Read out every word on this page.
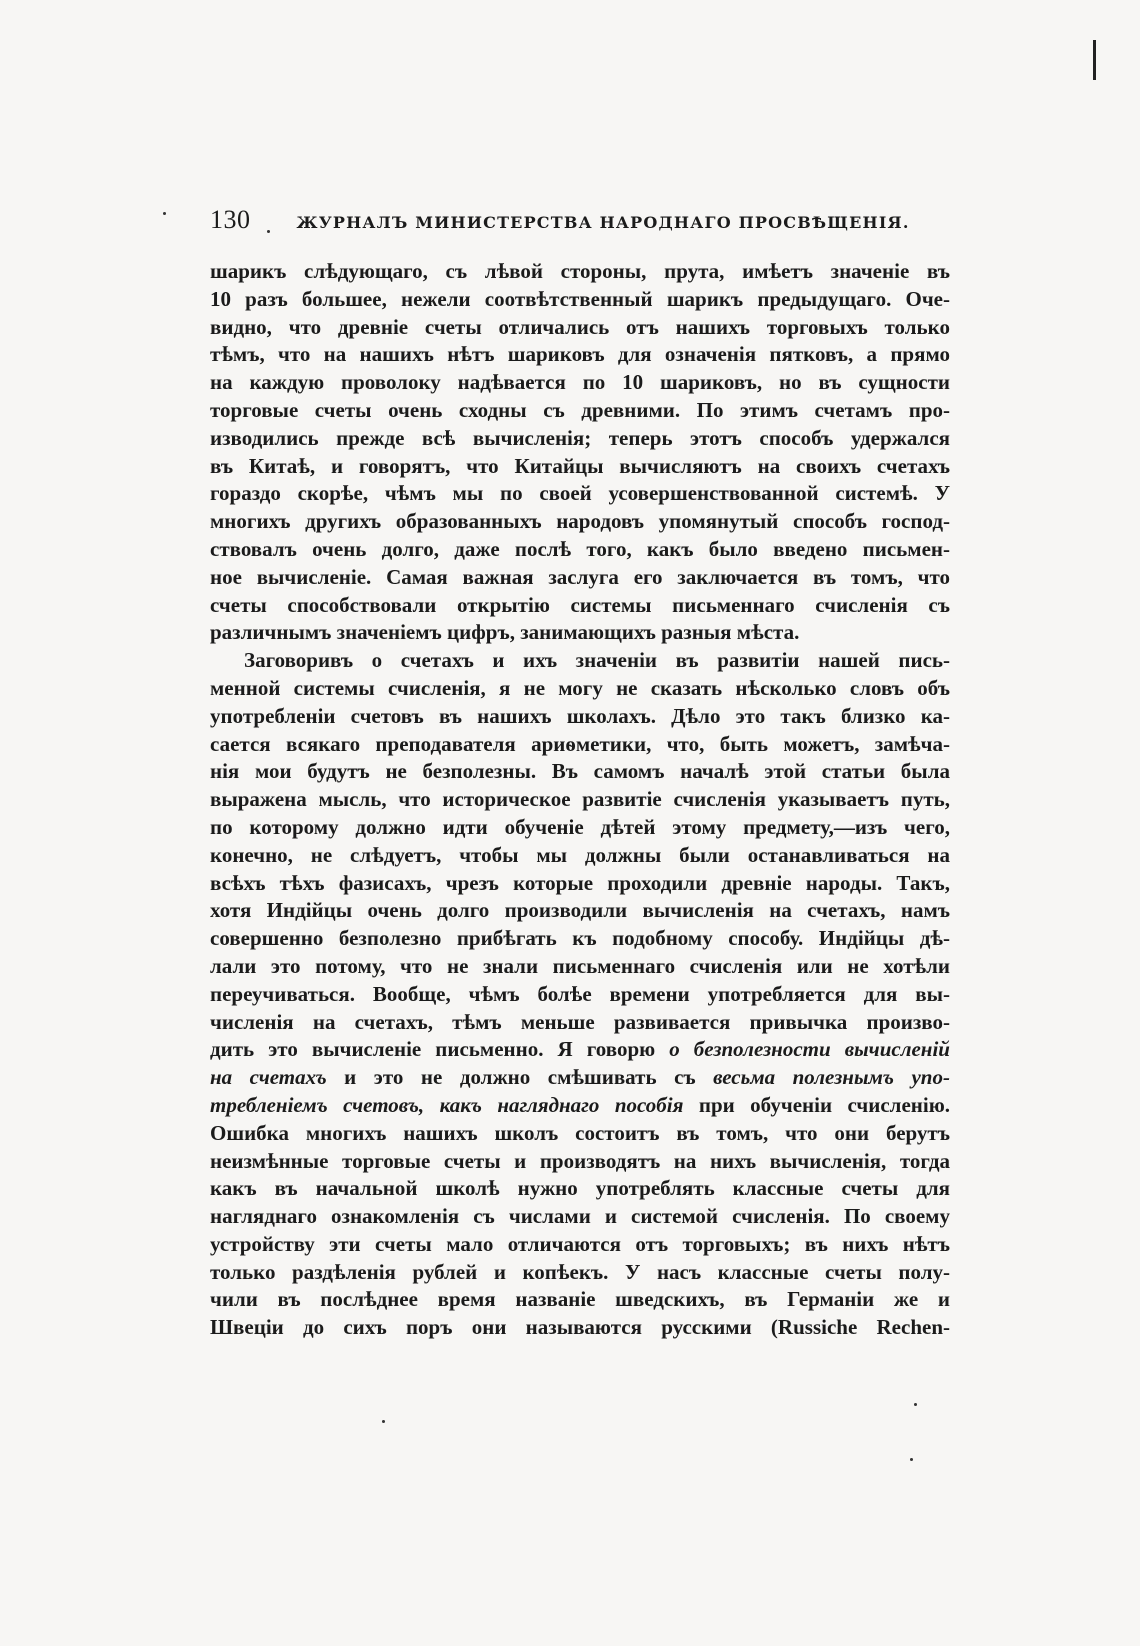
130	ЖУРНАЛЪ МИНИСТЕРСТВА НАРОДНАГО ПРОСВѢЩЕНІЯ.
шарикъ слѣдующаго, съ лѣвой стороны, прута, имѣетъ значеніе въ
10 разъ большее, нежели соотвѣтственный шарикъ предыдущаго. Оче-
видно, что древніе счеты отличались отъ нашихъ торговыхъ только
тѣмъ, что на нашихъ нѣтъ шариковъ для означенія пятковъ, а прямо
на каждую проволоку надѣвается по 10 шариковъ, но въ сущности
торговые счеты очень сходны съ древними. По этимъ счетамъ про-
изводились прежде всѣ вычисленія; теперь этотъ способъ удержался
въ Китаѣ, и говорятъ, что Китайцы вычисляютъ на своихъ счетахъ
гораздо скорѣе, чѣмъ мы по своей усовершенствованной системѣ. У
многихъ другихъ образованныхъ народовъ упомянутый способъ господ-
ствовалъ очень долго, даже послѣ того, какъ было введено письмен-
ное вычисленіе. Самая важная заслуга его заключается въ томъ, что
счеты способствовали открытію системы письменнаго счисленія съ
различнымъ значеніемъ цифръ, занимающихъ разныя мѣста.
Заговоривъ о счетахъ и ихъ значеніи въ развитіи нашей пись-
менной системы счисленія, я не могу не сказать нѣсколько словъ объ
употребленіи счетовъ въ нашихъ школахъ. Дѣло это такъ близко ка-
сается всякаго преподавателя ариѳметики, что, быть можетъ, замѣча-
нія мои будутъ не безполезны. Въ самомъ началѣ этой статьи была
выражена мысль, что историческое развитіе счисленія указываетъ путь,
по которому должно идти обученіе дѣтей этому предмету,—изъ чего,
конечно, не слѣдуетъ, чтобы мы должны были останавливаться на
всѣхъ тѣхъ фазисахъ, чрезъ которые проходили древніе народы. Такъ,
хотя Индійцы очень долго производили вычисленія на счетахъ, намъ
совершенно безполезно прибѣгать къ подобному способу. Индійцы дѣ-
лали это потому, что не знали письменнаго счисленія или не хотѣли
переучиваться. Вообще, чѣмъ болѣе времени употребляется для вы-
численія на счетахъ, тѣмъ меньше развивается привычка произво-
дить это вычисленіе письменно. Я говорю о безполезности вычисленій
на счетахъ и это не должно смѣшивать съ весьма полезнымъ упо-
требленіемъ счетовъ, какъ нагляднаго пособія при обученіи счисленію.
Ошибка многихъ нашихъ школъ состоитъ въ томъ, что они берутъ
неизмѣнные торговые счеты и производятъ на нихъ вычисленія, тогда
какъ въ начальной школѣ нужно употреблять классные счеты для
нагляднаго ознакомленія съ числами и системой счисленія. По своему
устройству эти счеты мало отличаются отъ торговыхъ; въ нихъ нѣтъ
только раздѣленія рублей и копѣекъ. У насъ классные счеты полу-
чили въ послѣднее время названіе шведскихъ, въ Германіи же и
Швеціи до сихъ поръ они называются русскими (Russiche Rechen-
